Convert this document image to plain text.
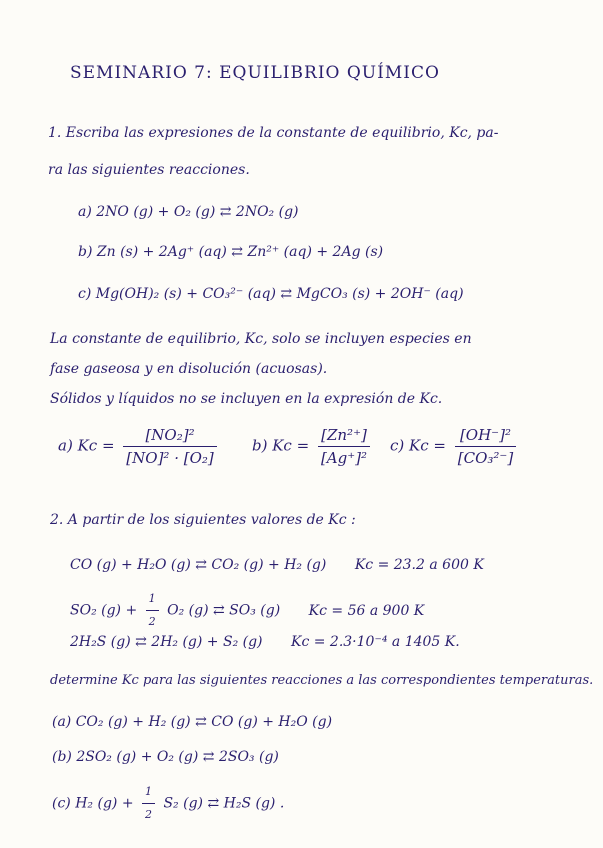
SEMINARIO 7: EQUILIBRIO QUÍMICO
1. Escriba las expresiones de la constante de equilibrio, Kc, pa-
ra las siguientes reacciones.
a) 2NO (g) + O₂ (g) ⇄ 2NO₂ (g)
b) Zn (s) + 2Ag⁺ (aq) ⇄ Zn²⁺ (aq) + 2Ag (s)
c) Mg(OH)₂ (s) + CO₃²⁻ (aq) ⇄ MgCO₃ (s) + 2OH⁻ (aq)
La constante de equilibrio, Kc, solo se incluyen especies en
fase gaseosa y en disolución (acuosas).
Sólidos y líquidos no se incluyen en la expresión de Kc.
a) $Kc = \frac{\text{[NO₂]²}}{\text{[NO]² · [O₂]}} b$) $Kc = \frac{\text{[Zn²⁺]}}{\text{[Ag⁺]²}} c$) $Kc = \frac{\text{[OH⁻]²}}{\text{[CO₃²⁻]}}$
2. A partir de los siguientes valores de Kc :
CO (g) + H₂O (g) ⇄ CO₂ (g) + H₂ (g) Kc = 23.2 a 600 K
SO₂ $(g) + \frac{1}{2} O_2$ (g) ⇄ SO₃ (g) Kc = 56 a 900 K
2H₂S (g) ⇄ 2H₂ (g) + S₂ (g) Kc = 2.3·10⁻⁴ a 1405 K.
determine Kc para las siguientes reacciones a las correspondientes temperaturas.
(a) CO₂ (g) + H₂ (g) ⇄ CO (g) + H₂O (g)
(b) 2SO₂ (g) + O₂ (g) ⇄ 2SO₃ (g)
(c) H₂ $(g) + \frac{1}{2} S_2$ (g) ⇄ H₂S (g) .
